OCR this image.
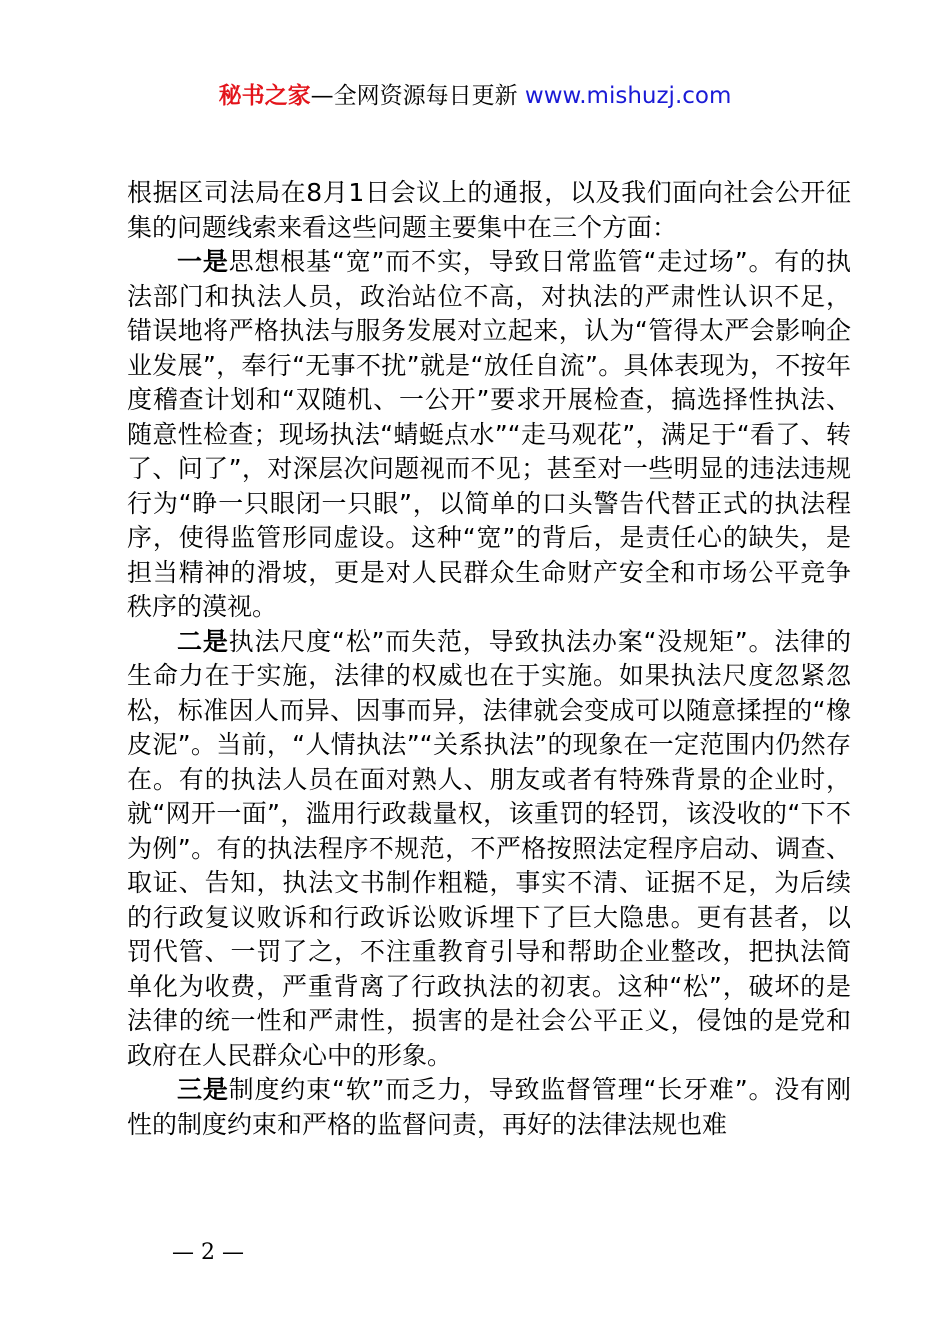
秘书之家—全网资源每日更新 www.mishuzj.com

根据区司法局在8月1日会议上的通报，以及我们面向社会公开征集的问题线索来看这些问题主要集中在三个方面：

一是思想根基“宽”而不实，导致日常监管“走过场”。有的执法部门和执法人员，政治站位不高，对执法的严肃性认识不足，错误地将严格执法与服务发展对立起来，认为“管得太严会影响企业发展”，奉行“无事不扰”就是“放任自流”。具体表现为，不按年度稽查计划和“双随机、一公开”要求开展检查，搞选择性执法、随意性检查；现场执法“蜻蜓点水”“走马观花”，满足于“看了、转了、问了”，对深层次问题视而不见；甚至对一些明显的违法违规行为“睁一只眼闭一只眼”，以简单的口头警告代替正式的执法程序，使得监管形同虚设。这种“宽”的背后，是责任心的缺失，是担当精神的滑坡，更是对人民群众生命财产安全和市场公平竞争秩序的漠视。

二是执法尺度“松”而失范，导致执法办案“没规矩”。法律的生命力在于实施，法律的权威也在于实施。如果执法尺度忽紧忽松，标准因人而异、因事而异，法律就会变成可以随意揉捏的“橡皮泥”。当前，“人情执法”“关系执法”的现象在一定范围内仍然存在。有的执法人员在面对熟人、朋友或者有特殊背景的企业时，就“网开一面”，滥用行政裁量权，该重罚的轻罚，该没收的“下不为例”。有的执法程序不规范，不严格按照法定程序启动、调查、取证、告知，执法文书制作粗糙，事实不清、证据不足，为后续的行政复议败诉和行政诉讼败诉埋下了巨大隐患。更有甚者，以罚代管、一罚了之，不注重教育引导和帮助企业整改，把执法简单化为收费，严重背离了行政执法的初衷。这种“松”，破坏的是法律的统一性和严肃性，损害的是社会公平正义，侵蚀的是党和政府在人民群众心中的形象。

三是制度约束“软”而乏力，导致监督管理“长牙难”。没有刚性的制度约束和严格的监督问责，再好的法律法规也难

— 2 —
